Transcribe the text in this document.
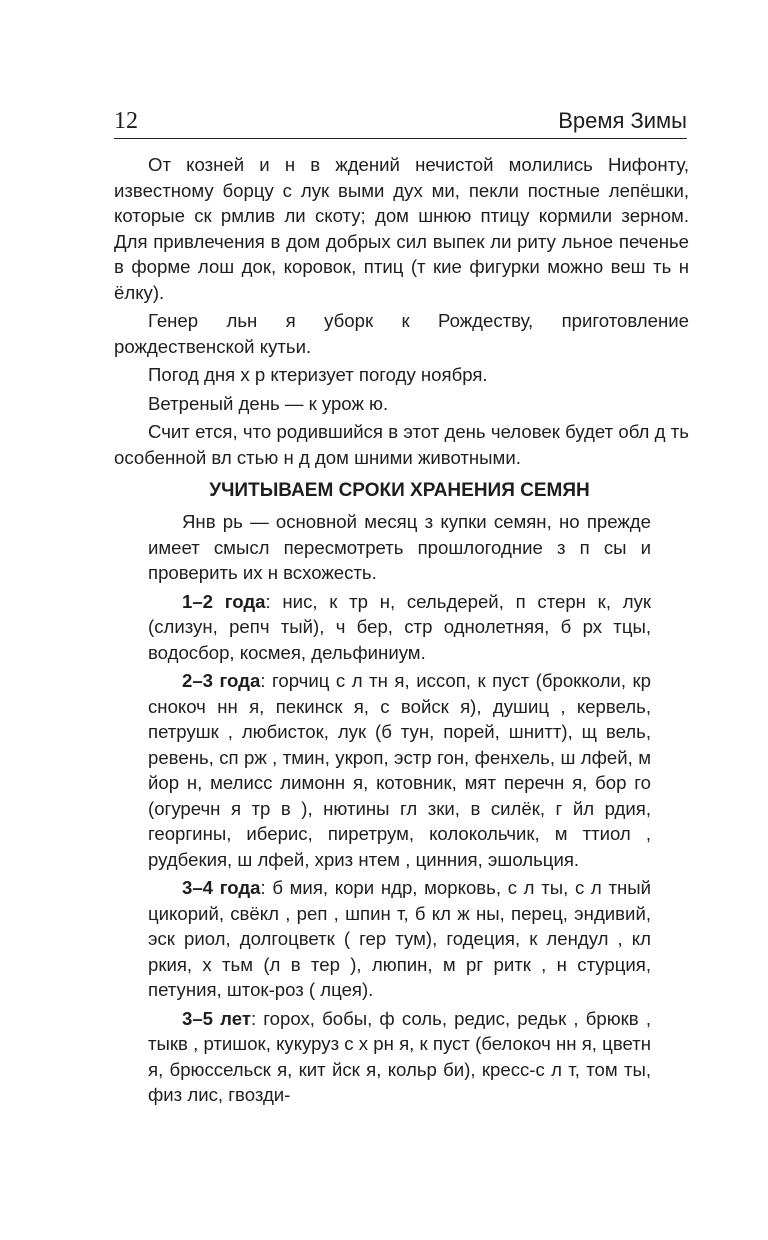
12	Время Зимы

От козней и н в ждений нечистой молились Нифонту, известному борцу с лук выми дух ми, пекли постные лепёшки, которые ск рмлив ли скоту; дом шнюю птицу кормили зерном. Для привлечения в дом добрых сил выпек ли риту льное печенье в форме лош док, коровок, птиц (т кие фигурки можно веш ть н ёлку).

Генер льн я уборк к Рождеству, приготовление рождественской кутьи.

Погод дня х р ктеризует погоду ноября.

Ветреный день — к урож ю.

Счит ется, что родившийся в этот день человек будет обл д ть особенной вл стью н д дом шними животными.

УЧИТЫВАЕМ СРОКИ ХРАНЕНИЯ СЕМЯН

Янв рь — основной месяц з купки семян, но прежде имеет смысл пересмотреть прошлогодние з п сы и проверить их н всхожесть.

1–2 года: нис, к тр н, сельдерей, п стерн к, лук (слизун, репч тый), ч бер, стр однолетняя, б рх тцы, водосбор, космея, дельфиниум.

2–3 года: горчиц с л тн я, иссоп, к пуст (брокколи, кр снокоч нн я, пекинск я, с войск я), душиц , кервель, петрушк , любисток, лук (б тун, порей, шнитт), щ вель, ревень, сп рж , тмин, укроп, эстр гон, фенхель, ш лфей, м йор н, мелисс лимонн я, котовник, мят перечн я, бор го (огуречн я тр в ), нютины гл зки, в силёк, г йл рдия, георгины, иберис, пиретрум, колокольчик, м ттиол , рудбекия, ш лфей, хриз нтем , цинния, эшольция.

3–4 года: б мия, кори ндр, морковь, с л ты, с л тный цикорий, свёкл , реп , шпин т, б кл ж ны, перец, эндивий, эск риол, долгоцветк ( гер тум), годеция, к лендул , кл ркия, х тьм (л в тер ), люпин, м рг ритк , н стурция, петуния, шток-роз ( лцея).

3–5 лет: горох, бобы, ф соль, редис, редьк , брюкв , тыкв , ртишок, кукуруз с х рн я, к пуст (белокоч нн я, цветн я, брюссельск я, кит йск я, кольр би), кресс-с л т, том ты, физ лис, гвозди-
